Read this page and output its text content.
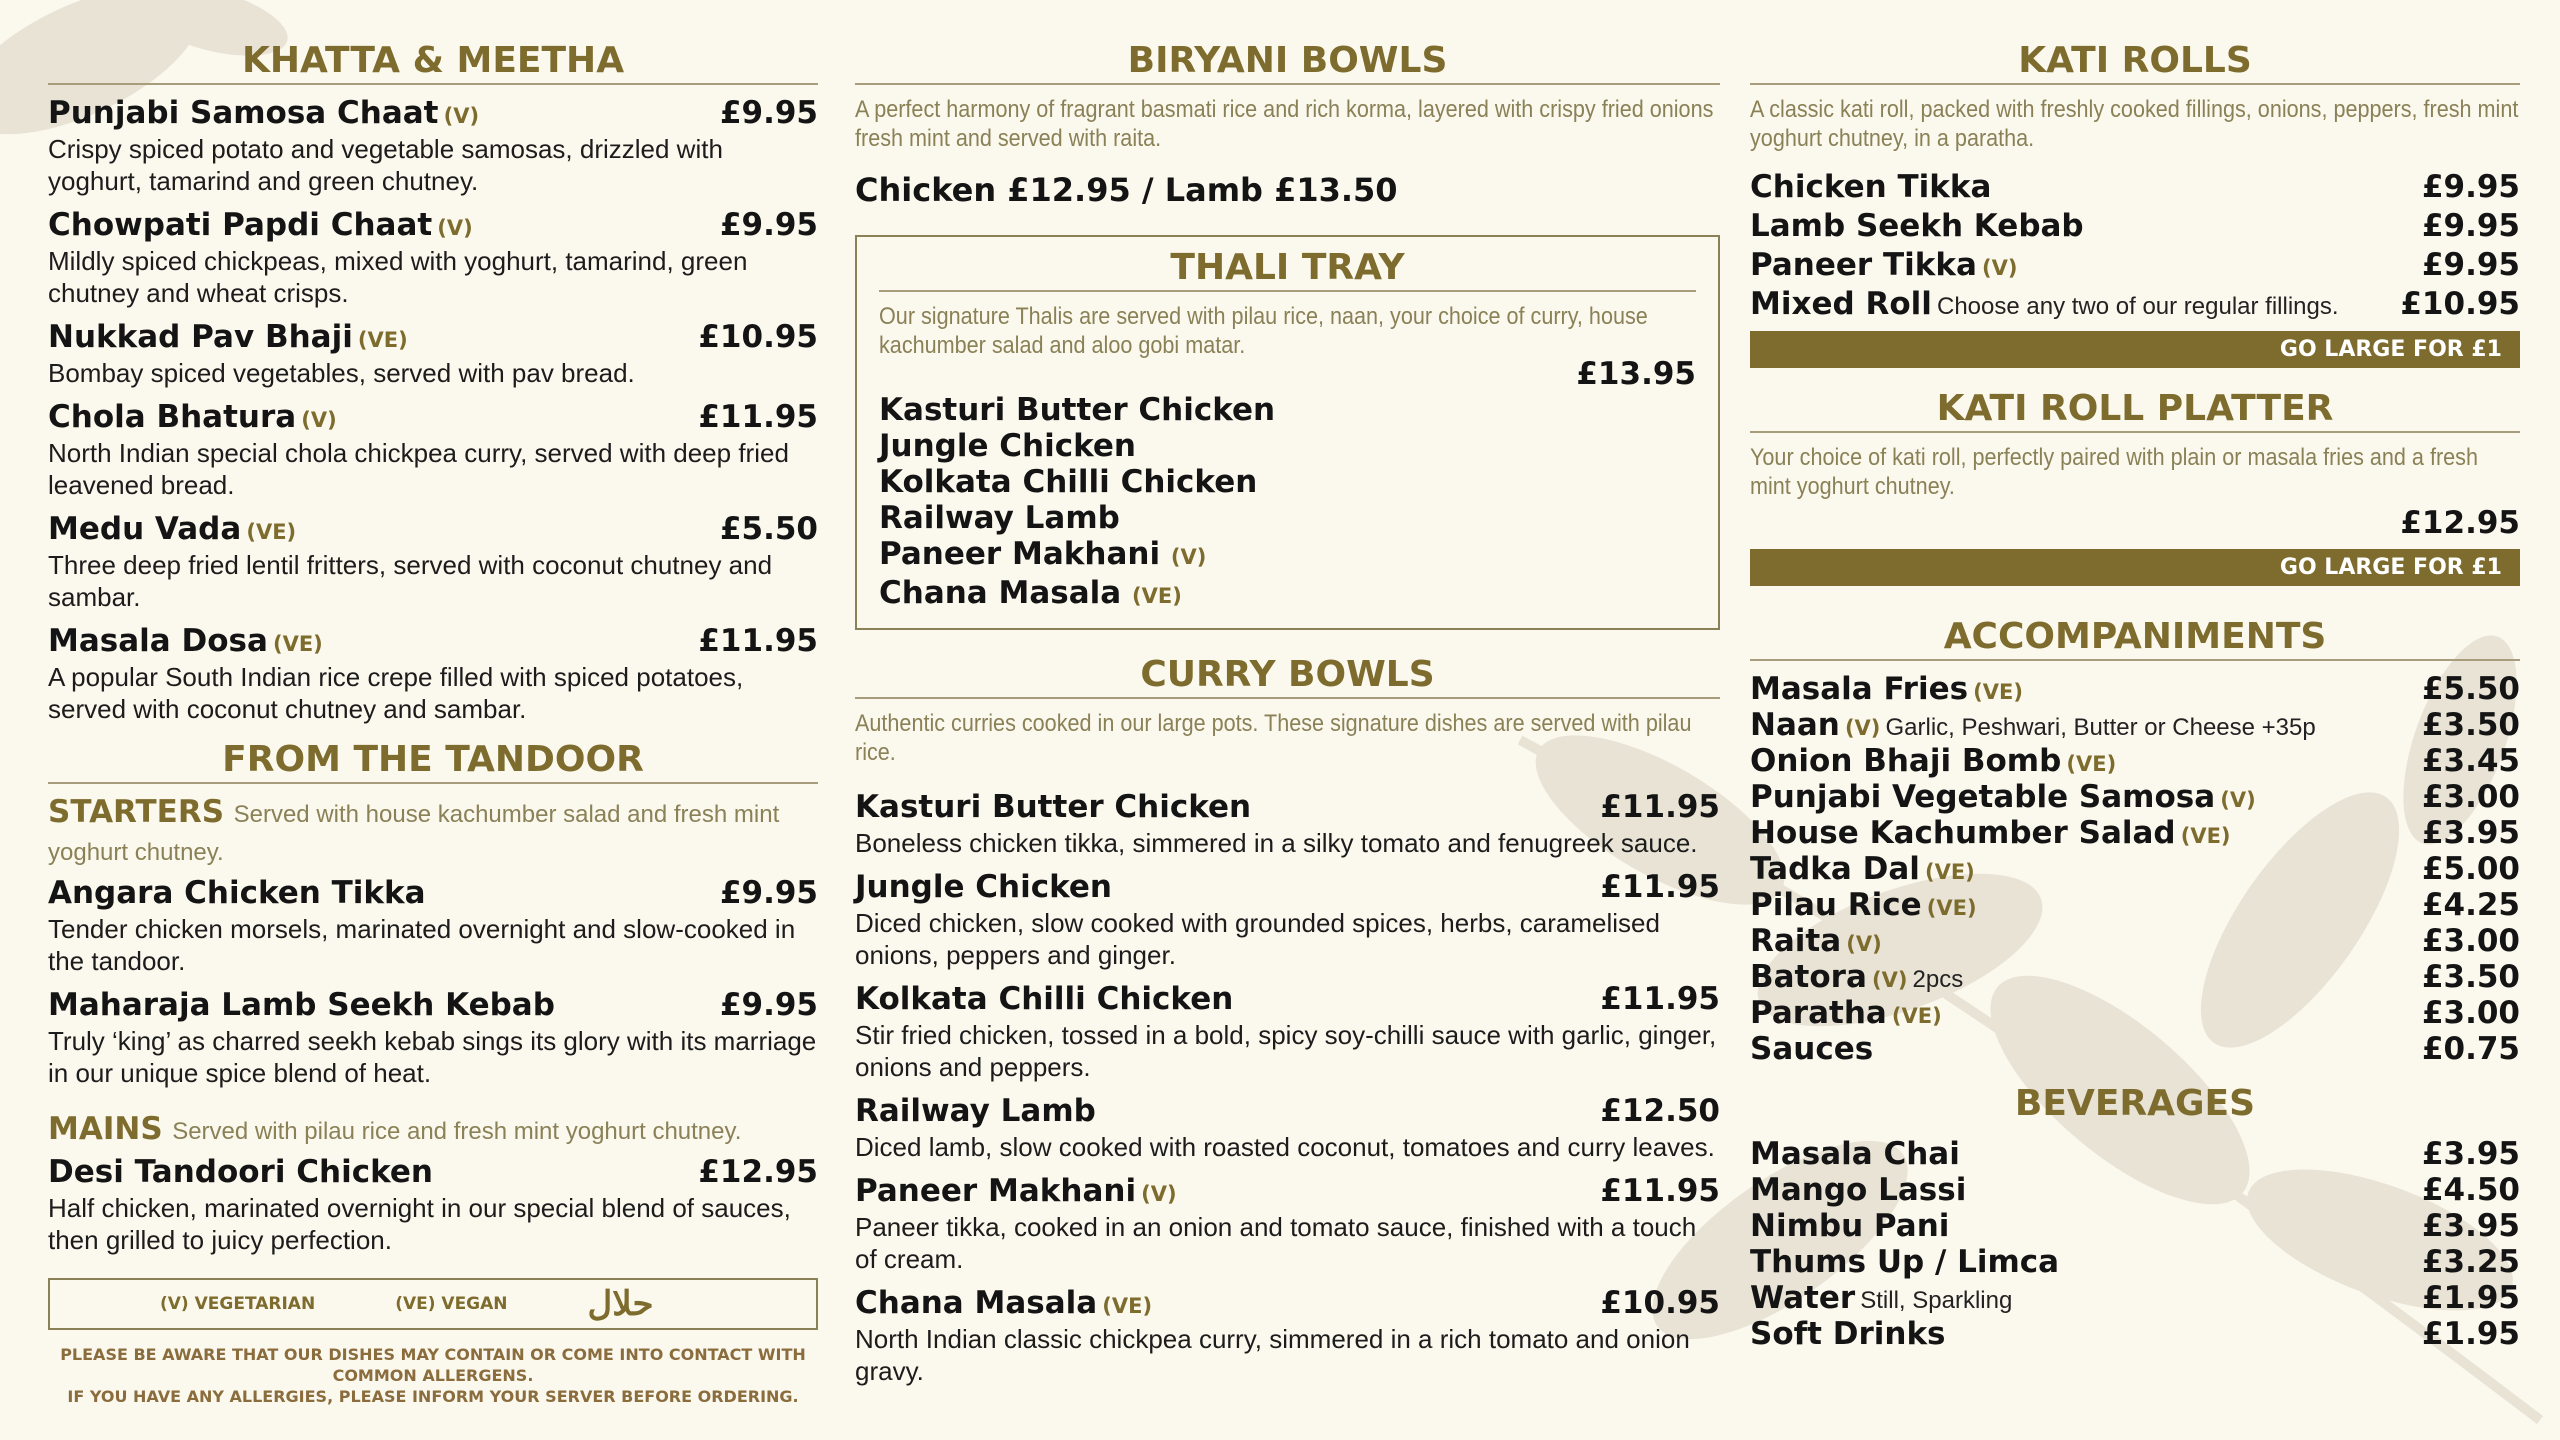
KHATTA & MEETHA
Punjabi Samosa Chaat (V)	£9.95
Crispy spiced potato and vegetable samosas, drizzled with yoghurt, tamarind and green chutney.
Chowpati Papdi Chaat (V)	£9.95
Mildly spiced chickpeas, mixed with yoghurt, tamarind, green chutney and wheat crisps.
Nukkad Pav Bhaji (VE)	£10.95
Bombay spiced vegetables, served with pav bread.
Chola Bhatura (V)	£11.95
North Indian special chola chickpea curry, served with deep fried leavened bread.
Medu Vada (VE)	£5.50
Three deep fried lentil fritters, served with coconut chutney and sambar.
Masala Dosa (VE)	£11.95
A popular South Indian rice crepe filled with spiced potatoes, served with coconut chutney and sambar.
FROM THE TANDOOR
STARTERS Served with house kachumber salad and fresh mint yoghurt chutney.
Angara Chicken Tikka	£9.95
Tender chicken morsels, marinated overnight and slow-cooked in the tandoor.
Maharaja Lamb Seekh Kebab	£9.95
Truly ‘king’ as charred seekh kebab sings its glory with its marriage in our unique spice blend of heat.
MAINS Served with pilau rice and fresh mint yoghurt chutney.
Desi Tandoori Chicken	£12.95
Half chicken, marinated overnight in our special blend of sauces, then grilled to juicy perfection.
(V) VEGETARIAN	(VE) VEGAN حلال
PLEASE BE AWARE THAT OUR DISHES MAY CONTAIN OR COME INTO CONTACT WITH COMMON ALLERGENS.
IF YOU HAVE ANY ALLERGIES, PLEASE INFORM YOUR SERVER BEFORE ORDERING.
BIRYANI BOWLS
A perfect harmony of fragrant basmati rice and rich korma, layered with crispy fried onions fresh mint and served with raita.
Chicken £12.95 / Lamb £13.50
THALI TRAY
Our signature Thalis are served with pilau rice, naan, your choice of curry, house kachumber salad and aloo gobi matar.
£13.95
Kasturi Butter Chicken
Jungle Chicken
Kolkata Chilli Chicken
Railway Lamb
Paneer Makhani (V)
Chana Masala (VE)
CURRY BOWLS
Authentic curries cooked in our large pots. These signature dishes are served with pilau rice.
Kasturi Butter Chicken	£11.95
Boneless chicken tikka, simmered in a silky tomato and fenugreek sauce.
Jungle Chicken	£11.95
Diced chicken, slow cooked with grounded spices, herbs, caramelised onions, peppers and ginger.
Kolkata Chilli Chicken	£11.95
Stir fried chicken, tossed in a bold, spicy soy-chilli sauce with garlic, ginger, onions and peppers.
Railway Lamb	£12.50
Diced lamb, slow cooked with roasted coconut, tomatoes and curry leaves.
Paneer Makhani (V)	£11.95
Paneer tikka, cooked in an onion and tomato sauce, finished with a touch of cream.
Chana Masala (VE)	£10.95
North Indian classic chickpea curry, simmered in a rich tomato and onion gravy.
KATI ROLLS
A classic kati roll, packed with freshly cooked fillings, onions, peppers, fresh mint yoghurt chutney, in a paratha.
Chicken Tikka	£9.95
Lamb Seekh Kebab	£9.95
Paneer Tikka (V)	£9.95
Mixed Roll Choose any two of our regular fillings.	£10.95
GO LARGE FOR £1
KATI ROLL PLATTER
Your choice of kati roll, perfectly paired with plain or masala fries and a fresh mint yoghurt chutney.
£12.95
GO LARGE FOR £1
ACCOMPANIMENTS
Masala Fries (VE)	£5.50
Naan (V) Garlic, Peshwari, Butter or Cheese +35p	£3.50
Onion Bhaji Bomb (VE)	£3.45
Punjabi Vegetable Samosa (V)	£3.00
House Kachumber Salad (VE)	£3.95
Tadka Dal (VE)	£5.00
Pilau Rice (VE)	£4.25
Raita (V)	£3.00
Batora (V) 2pcs	£3.50
Paratha (VE)	£3.00
Sauces	£0.75
BEVERAGES
Masala Chai	£3.95
Mango Lassi	£4.50
Nimbu Pani	£3.95
Thums Up / Limca	£3.25
Water Still, Sparkling	£1.95
Soft Drinks	£1.95
